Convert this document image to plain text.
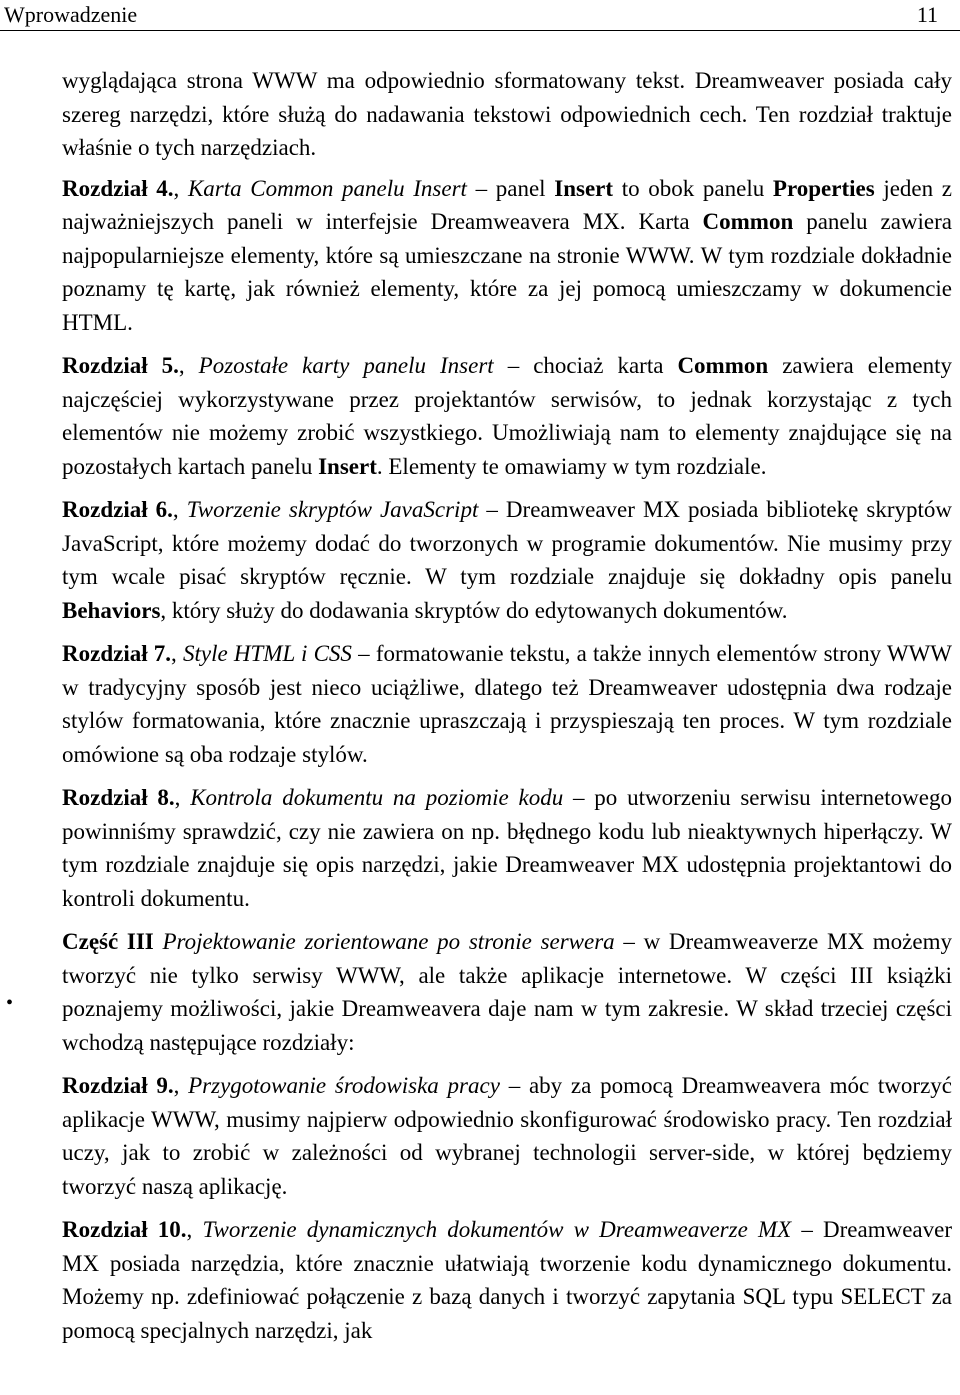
Wprowadzenie	11
•

wyglądająca strona WWW ma odpowiednio sformatowany tekst. Dreamweaver posiada cały szereg narzędzi, które służą do nadawania tekstowi odpowiednich cech. Ten rozdział traktuje właśnie o tych narzędziach.

Rozdział 4., Karta Common panelu Insert – panel Insert to obok panelu Properties jeden z najważniejszych paneli w interfejsie Dreamweavera MX. Karta Common panelu zawiera najpopularniejsze elementy, które są umieszczane na stronie WWW. W tym rozdziale dokładnie poznamy tę kartę, jak również elementy, które za jej pomocą umieszczamy w dokumencie HTML.

Rozdział 5., Pozostałe karty panelu Insert – chociaż karta Common zawiera elementy najczęściej wykorzystywane przez projektantów serwisów, to jednak korzystając z tych elementów nie możemy zrobić wszystkiego. Umożliwiają nam to elementy znajdujące się na pozostałych kartach panelu Insert. Elementy te omawiamy w tym rozdziale.

Rozdział 6., Tworzenie skryptów JavaScript – Dreamweaver MX posiada bibliotekę skryptów JavaScript, które możemy dodać do tworzonych w programie dokumentów. Nie musimy przy tym wcale pisać skryptów ręcznie. W tym rozdziale znajduje się dokładny opis panelu Behaviors, który służy do dodawania skryptów do edytowanych dokumentów.

Rozdział 7., Style HTML i CSS – formatowanie tekstu, a także innych elementów strony WWW w tradycyjny sposób jest nieco uciążliwe, dlatego też Dreamweaver udostępnia dwa rodzaje stylów formatowania, które znacznie upraszczają i przyspieszają ten proces. W tym rozdziale omówione są oba rodzaje stylów.

Rozdział 8., Kontrola dokumentu na poziomie kodu – po utworzeniu serwisu internetowego powinniśmy sprawdzić, czy nie zawiera on np. błędnego kodu lub nieaktywnych hiperłączy. W tym rozdziale znajduje się opis narzędzi, jakie Dreamweaver MX udostępnia projektantowi do kontroli dokumentu.

Część III Projektowanie zorientowane po stronie serwera – w Dreamweaverze MX możemy tworzyć nie tylko serwisy WWW, ale także aplikacje internetowe. W części III książki poznajemy możliwości, jakie Dreamweavera daje nam w tym zakresie. W skład trzeciej części wchodzą następujące rozdziały:

Rozdział 9., Przygotowanie środowiska pracy – aby za pomocą Dreamweavera móc tworzyć aplikacje WWW, musimy najpierw odpowiednio skonfigurować środowisko pracy. Ten rozdział uczy, jak to zrobić w zależności od wybranej technologii server-side, w której będziemy tworzyć naszą aplikację.

Rozdział 10., Tworzenie dynamicznych dokumentów w Dreamweaverze MX – Dreamweaver MX posiada narzędzia, które znacznie ułatwiają tworzenie kodu dynamicznego dokumentu. Możemy np. zdefiniować połączenie z bazą danych i tworzyć zapytania SQL typu SELECT za pomocą specjalnych narzędzi, jak
